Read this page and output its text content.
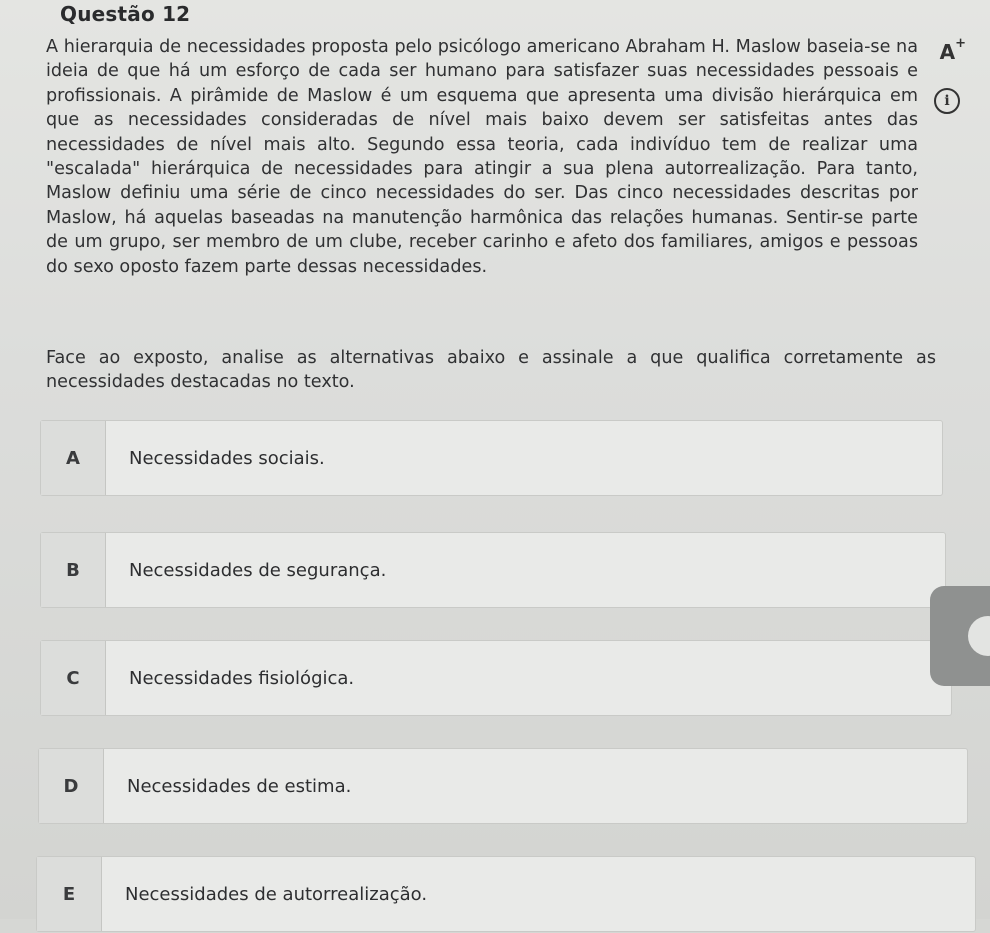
Questão 12
A+
i
A hierarquia de necessidades proposta pelo psicólogo americano Abraham H. Maslow baseia-se na ideia de que há um esforço de cada ser humano para satisfazer suas necessidades pessoais e profissionais. A pirâmide de Maslow é um esquema que apresenta uma divisão hierárquica em que as necessidades consideradas de nível mais baixo devem ser satisfeitas antes das necessidades de nível mais alto. Segundo essa teoria, cada indivíduo tem de realizar uma "escalada" hierárquica de necessidades para atingir a sua plena autorrealização. Para tanto, Maslow definiu uma série de cinco necessidades do ser. Das cinco necessidades descritas por Maslow, há aquelas baseadas na manutenção harmônica das relações humanas. Sentir-se parte de um grupo, ser membro de um clube, receber carinho e afeto dos familiares, amigos e pessoas do sexo oposto fazem parte dessas necessidades.
Face ao exposto, analise as alternativas abaixo e assinale a que qualifica corretamente as necessidades destacadas no texto.
A	Necessidades sociais.
B	Necessidades de segurança.
C	Necessidades fisiológica.
D	Necessidades de estima.
E	Necessidades de autorrealização.
